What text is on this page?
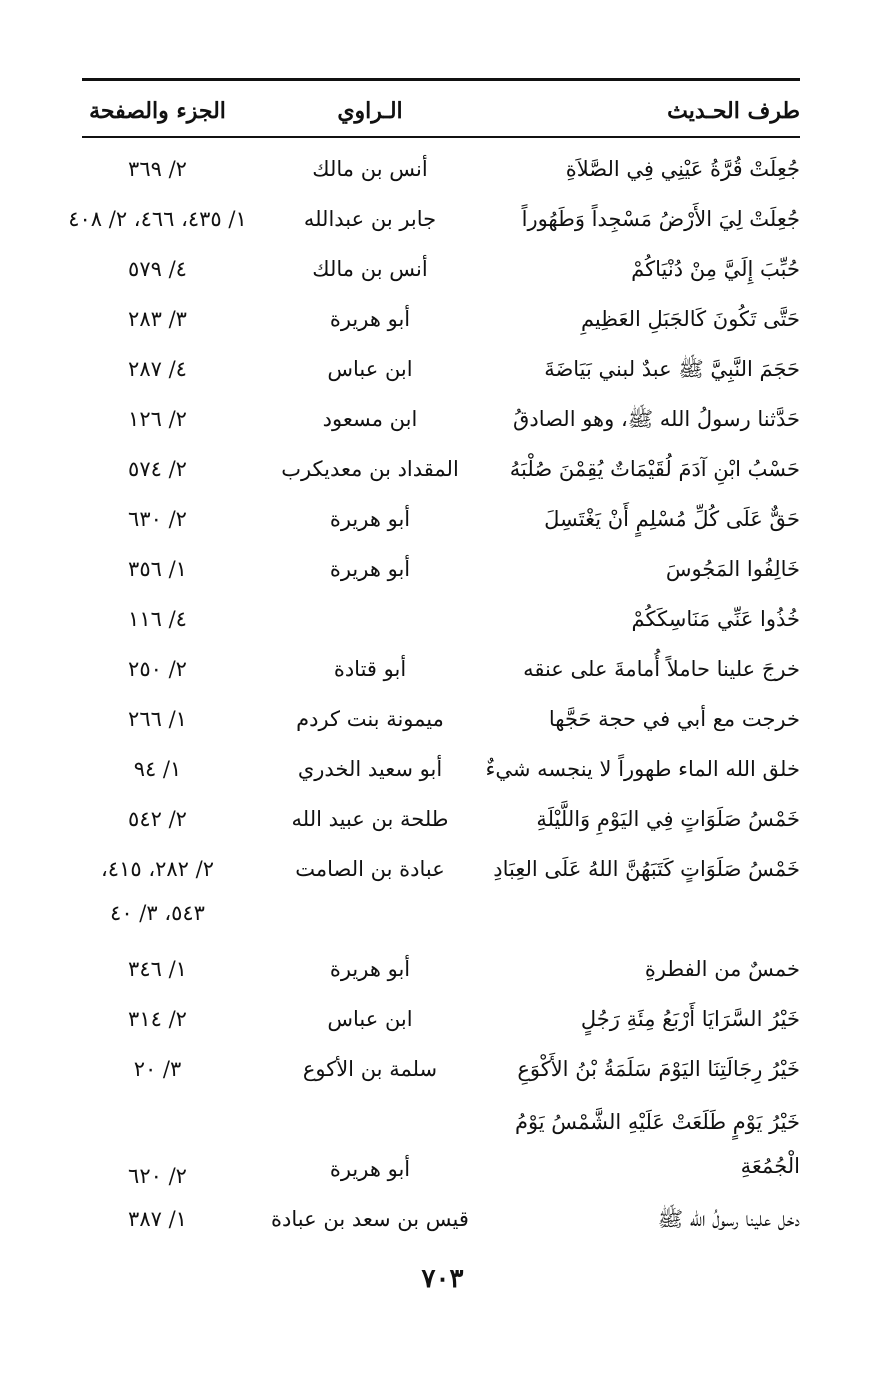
طرف الحـديث
الـراوي
الجزء والصفحة
جُعِلَتْ قُرَّةُ عَيْنِي فِي الصَّلاَةِ
أنس بن مالك
٢/ ٣٦٩
جُعِلَتْ لِيَ الأَرْضُ مَسْجِداً وَطَهُوراً
جابر بن عبدالله
١/ ٤٣٥، ٤٦٦، ٢/ ٤٠٨
حُبِّبَ إِلَيَّ مِنْ دُنْيَاكُمْ
أنس بن مالك
٤/ ٥٧٩
حَتَّى تَكُونَ كَالجَبَلِ العَظِيمِ
أبو هريرة
٣/ ٢٨٣
حَجَمَ النَّبِيَّ ﷺ عبدٌ لبني بَيَاضَةَ
ابن عباس
٤/ ٢٨٧
حَدَّثنا رسولُ الله ﷺ، وهو الصادقُ
ابن مسعود
٢/ ١٢٦
حَسْبُ ابْنِ آدَمَ لُقَيْمَاتٌ يُقِمْنَ صُلْبَهُ
المقداد بن معديكرب
٢/ ٥٧٤
حَقٌّ عَلَى كُلِّ مُسْلِمٍ أَنْ يَغْتَسِلَ
أبو هريرة
٢/ ٦٣٠
خَالِفُوا المَجُوسَ
أبو هريرة
١/ ٣٥٦
خُذُوا عَنِّي مَنَاسِكَكُمْ
٤/ ١١٦
خرجَ علينا حاملاً أُمامةَ على عنقه
أبو قتادة
٢/ ٢٥٠
خرجت مع أبي في حجة حَجَّها
ميمونة بنت كردم
١/ ٢٦٦
خلق الله الماء طهوراً لا ينجسه شيءٌ
أبو سعيد الخدري
١/ ٩٤
خَمْسُ صَلَوَاتٍ فِي اليَوْمِ وَاللَّيْلَةِ
طلحة بن عبيد الله
٢/ ٥٤٢
خَمْسُ صَلَوَاتٍ كَتَبَهُنَّ اللهُ عَلَى العِبَادِ
عبادة بن الصامت
٢/ ٢٨٢، ٤١٥،
٥٤٣، ٣/ ٤٠
خمسٌ من الفطرةِ
أبو هريرة
١/ ٣٤٦
خَيْرُ السَّرَايَا أَرْبَعُ مِئَةِ رَجُلٍ
ابن عباس
٢/ ٣١٤
خَيْرُ رِجَالَتِنَا اليَوْمَ سَلَمَةُ بْنُ الأَكْوَعِ
سلمة بن الأكوع
٣/ ٢٠
خَيْرُ يَوْمٍ طَلَعَتْ عَلَيْهِ الشَّمْسُ يَوْمُ الْجُمُعَةِ
أبو هريرة
٢/ ٦٢٠
دخل علينا رسولُ الله ﷺ
قيس بن سعد بن عبادة
١/ ٣٨٧
٧٠٣
